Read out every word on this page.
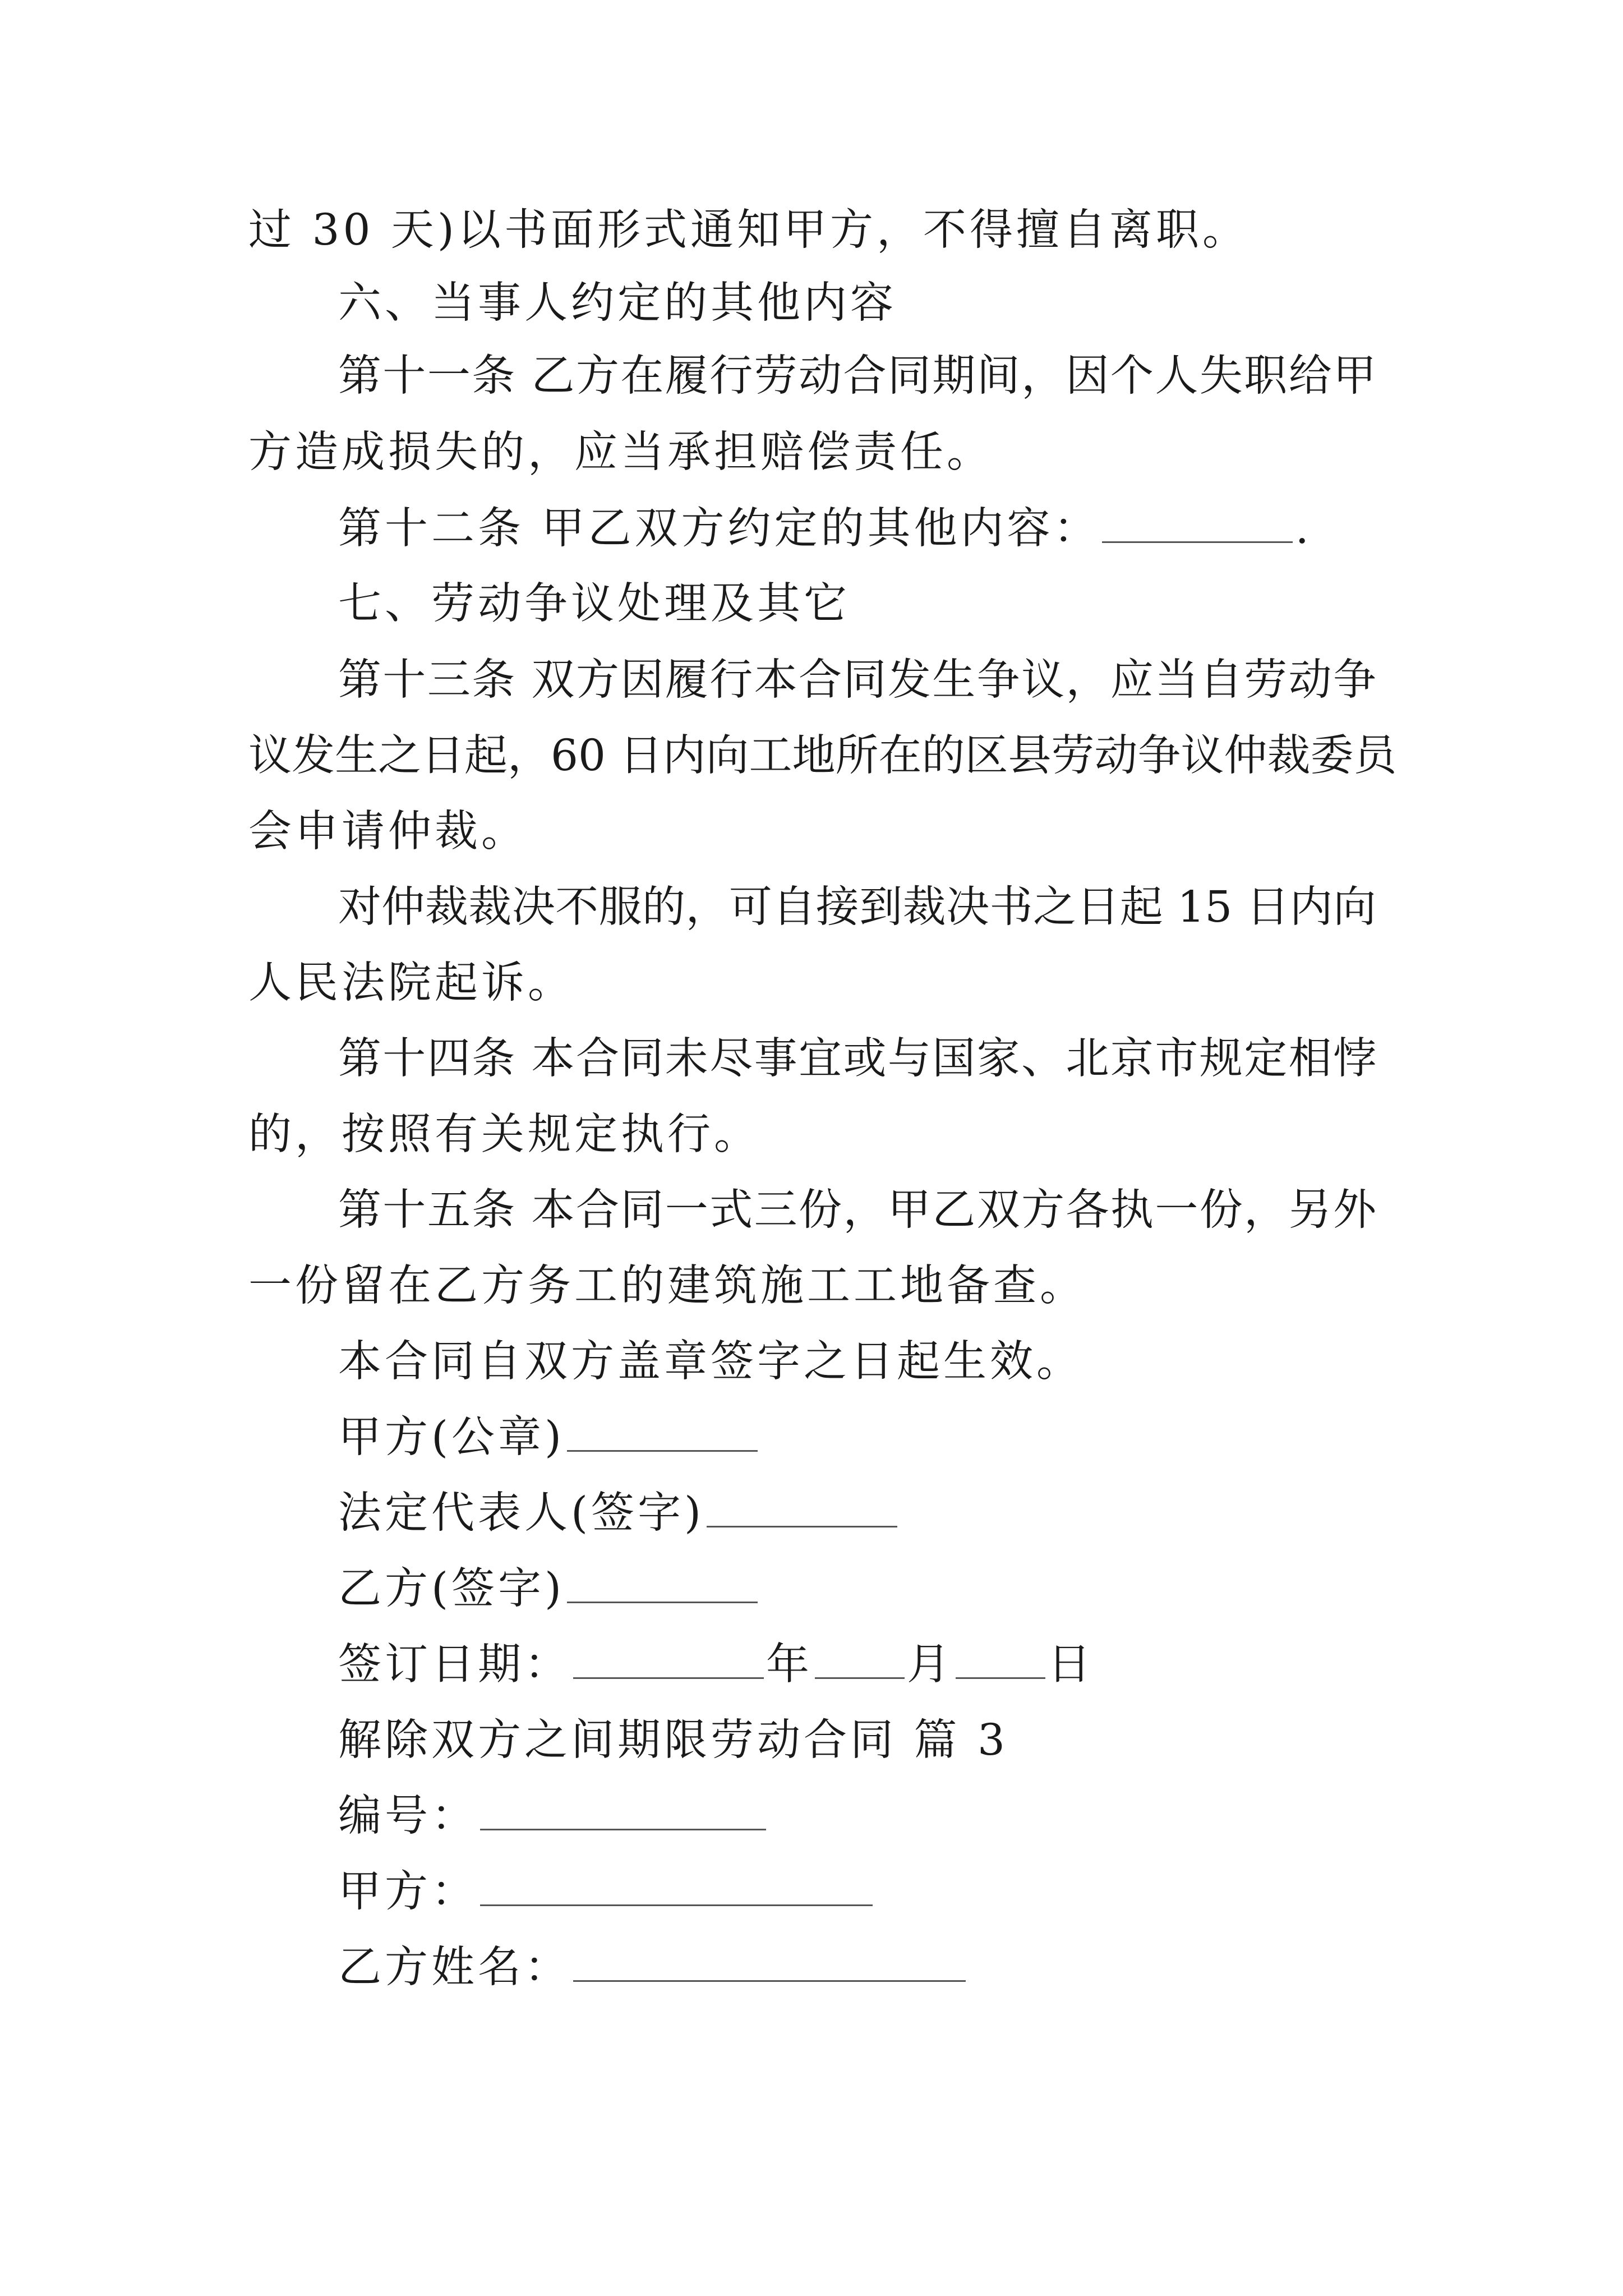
过 30 天)以书面形式通知甲方，不得擅自离职。
六、当事人约定的其他内容
第十一条 乙方在履行劳动合同期间，因个人失职给甲
方造成损失的，应当承担赔偿责任。
第十二条 甲乙双方约定的其他内容：	.
七、劳动争议处理及其它
第十三条 双方因履行本合同发生争议，应当自劳动争
议发生之日起，60 日内向工地所在的区县劳动争议仲裁委员
会申请仲裁。
对仲裁裁决不服的，可自接到裁决书之日起 15 日内向
人民法院起诉。
第十四条 本合同未尽事宜或与国家、北京市规定相悖
的，按照有关规定执行。
第十五条 本合同一式三份，甲乙双方各执一份，另外
一份留在乙方务工的建筑施工工地备查。
本合同自双方盖章签字之日起生效。
甲方(公章)
法定代表人(签字)
乙方(签字)
签订日期：	年 月 日
解除双方之间期限劳动合同 篇 3
编号：
甲方：
乙方姓名：
